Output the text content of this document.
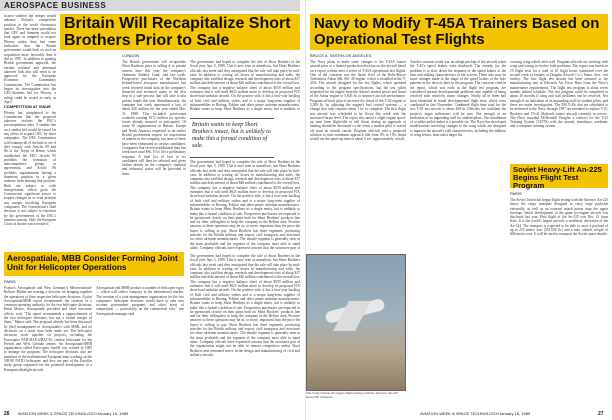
AEROSPACE BUSINESS

ticized whether the merger would enhance Britain's competitive position in the world electronics market. There has been speculation that GEC and Siemens would not look again or tempted to acquire Plessey unless they had some indication that the British government would look on such an acquisition more favorably than it did in 1987. In addition to gaining British government approval, the various national and perennial takeover bids also will need to be approved by the European Economic Community Commission. The Commission has begun its investigation into the GEC-Siemens bid for Plessey, a ruling could be issued as early as April.

COMPETITION AT ISSUE

Plessey has complained to the Commission that the proposed takeover violates the EEC's procompetition rules. A similar fine on a similar bid would be raised for any offers to acquire GEC by other companies. The EEC Commission will examine all of the bids to see if they comply with Articles 85 and 86 of the Treaty of Rome, which established the EEC. Article 85 prohibits the formation of anticompetitive groups or agreements, and Article 86 prohibits organizations having a dominant position in a given industry from abusing that position. Both are subject to wide interpretation, which gives the Commission significant power to require changes in or even prohibit any merger involving European companies. The Commission's final decision is not subject to rejection by the governments of the EEC's member nations. Only the European Court of Justice can overrule it.

Britain Will Recapitalize Short Brothers Prior to Sale
LONDON

The British government will recapitalize Short Brothers prior to selling it to private owners later this year, the company's chairman, Rodney Lund, said last week. Prospective purchasers of the Northern Ireland-based aerospace manufacturer last week received initial data on the company's financial and technical status as the first step in a sale process that will take it into private hands this year. Simultaneously, the company last week announced a loss of about $28 million for the year ended Mar. 31, 1988. This included provisional writeoffs totaling $172 million for specific losses already incurred or anticipated. Of some 30 organizations in Britain, Europe and North America requested to an earlier British government request for expressions of interest in the company, but none of these have been eliminated as serious candidates. Companies that received additional data last week have until Feb. 10 to file a preliminary response. A final list of four to six candidates will then be selected and given further details on the company's financial and industrial status will be provided to them.

Britain wants to keep Short Brothers intact, but is unlikely to make this a formal condition of sale.

The government had hoped to complete the sale of Short Brothers in the fiscal year, Apr. 5, 1989. This is now seen as unrealistic, but Short Brothers officials last week said they anticipated that the sale will take place by mid-year. In addition to writing off losses in manufacturing and sales, the company also said that design, research and development costs of about $17 million and debt interest of about $46 million contributed to the overall loss. The company has a negative balance sheet of about $559 million and estimates that it will need $925 million more to develop its proposed FJX short-haul turbofan aircraft. On the positive side, it has a four-year backlog of both civil and military orders and is a major long-term supplier of subassemblies to Boeing, Fokker and other prime airframe manufacturers. Britain wants to keep Short Brothers as a single entity, but is unlikely to

The government had hoped to complete the sale of Short Brothers in the fiscal year, Apr. 5, 1989. This is now seen as unrealistic, but Short Brothers officials last week said they anticipated that the sale will take place by mid-year. In addition to writing off losses in manufacturing and sales, the company also said that design, research and development costs of about $17 million and debt interest of about $46 million contributed to the overall loss. The company has a negative balance sheet of about $559 million and estimates that it will need $925 million more to develop its proposed FJX short-haul turbofan aircraft. On the positive side, it has a four-year backlog of both civil and military orders and is a major long-term supplier of subassemblies to Boeing, Fokker and other prime airframe manufacturers. Britain wants to keep Short Brothers as a single entity, but is unlikely to make this a formal condition of sale. Prospective purchasers are expected to be questioned closely on their plans both for Short Brothers' products line and for their willingness to keep the company in the Belfast area. Positive answers to these questions may be as, or more, important than the price the buyer is willing to pay. Short Brothers has three segments, producing missiles for the British military and export, civil transports and structures for other airframe manufacturers. The missile segment is generally seen as the most profitable and the segment of the company most able to stand alone. Company officials have expressed concern that the structures part of

Aerospatiale, MBB Consider Forming Joint Unit for Helicopter Operations
PARIS

France's Aerospatiale and West Germany's Messerschmitt-Bolkow-Blohm are nearing a decision on bringing together the operations of their respective helicopter divisions. A joint Aerospatiale/MBB report recommends the creation of a common operating authority for the two helicopter divisions, Henri Martre, Aerospatiale president and chief executive officer, said. "The report recommends a rapprochement of the two helicopter divisions, but not a formal merger of them," Martre said. The proposal already has been discussed by [the] management of Aerospatiale's with MBB, and no decisions on a study have been made yet. The helicopter divisions work together on projects, including the Eurocopter PAH-HAP-2/HAC3G combat helicopter for the French and West German armies. An Aerospatiale/MBB organization called Eurocopter GmbH was created in 1985 to manage the program. The helicopter divisions also are members of the multinational European team working on the NH-90 NATO helicopter, and they are part of the Euroflar study group organized for the potential development of a European ultralight aircraft.

Aerospatiale and MBB produce a number of helicopter types — which will collect company in the international market. The creation of a joint management organization for the two companies' helicopter divisions would have to take into account government programs and other areas of competition — particularly on the commercial side," one Aerospatiale manager said.

The government had hoped to complete the sale of Short Brothers in the fiscal year, Apr. 5, 1989. This is now seen as unrealistic, but Short Brothers officials last week said they anticipated that the sale will take place by mid-year. In addition to writing off losses in manufacturing and sales, the company also said that design, research and development costs of about $17 million and debt interest of about $46 million contributed to the overall loss. The company has a negative balance sheet of about $559 million and estimates that it will need $925 million more to develop its proposed FJX short-haul turbofan aircraft. On the positive side, it has a four-year backlog of both civil and military orders and is a major long-term supplier of subassemblies to Boeing, Fokker and other prime airframe manufacturers. Britain wants to keep Short Brothers as a single entity, but is unlikely to make this a formal condition of sale. Prospective purchasers are expected to be questioned closely on their plans both for Short Brothers' products line and for their willingness to keep the company in the Belfast area. Positive answers to these questions may be as, or more, important than the price the buyer is willing to pay. Short Brothers has three segments, producing missiles for the British military and export, civil transports and structures for other airframe manufacturers. The missile segment is generally seen as the most profitable and the segment of the company most able to stand alone. Company officials have expressed concern that the structures part of the organization might not be able to remain competitive unless Short Brothers also remained active in the design and manufacturing of civil and military aircraft.

Navy to Modify T-45A Trainers Based on Operational Test Flights
BRUCE A. SMITH/LOS ANGELES

The Navy plans to make some changes to the T-45A trainer aircraft prior to a limited production decision on the aircraft based on a report written after a series of T-45A operational test flights. One of the concerns was the thrust level of the Rolls-Royce Turbomeca Adour Mk. 861-49 engine, which is installed in the T-45A. The aircraft designed for the test flights, which operated according to the program specifications, but the test pilots requested for the engine from the Adour's normal power and thrust of the Adour engine to 5,845 lb. to improve aircraft performance. Program officials plan to increase the thrust of the T-45 engine to 5,500 lb. by adjusting the engine's fuel control systems — a change that only requires about 1 hr. to complete. The first flight test aircraft was scheduled to be flown this week with the increased thrust level. The report also noted a slight engine spool-up time from flight-idle to full thrust during an approach to landing should be decreased so the event a modest pilot is waved off from an aircraft carrier. Program officials said a proposed solution to raise minimum approach idle from 5% to 15% thrust would cut the spool-up time of about 6 sec. approximately in half.

Another concern noted was an abrupt pitchup of the aircraft when the T-45's speed brakes were deployed. The remedy for the problem is to slow down the response of the speed brakes or the trim and stalling characteristics in the system. There also may be some changes made to the shape of the speed brakes or the hole patterns in the devices later in the program. The concerns cited in the report, which was early in the flight test program, are considered normal developmental problems and capable of being resolved with relatively minor changes. Nearly all of them had been identified in initial developmental flight tests, which were conducted in late November. Combined flight time total for the two T-45 test aircraft is about 200 hr. Officials are confident the project's target milestones will be met. Not enough of an indication of an impending stall for student pilots. The installation of a rudder pedal shaker is a possible fix. The Navy has developed modifications involving changes to the wing which are designed to improve the aircraft's stall characteristics, including the addition of wing fences, slats and a larger fin.

crossing wing rolloff after stall. Program officials are working with wing and wiring to resolve both problems. The report was based on 10 flight tests for a total of 10 flight hours conducted over the second week of January at Douglas Aircraft Co.'s Yuma, Ariz., test facility. The first flight test aircraft has been returned to the manufacturing unit at Edwards Air Force Base from the Navy's maintenance requirements. The flight test program is about seven months behind schedule. The test program could be completed in about 30 months if wing and stall problems can be resolved. Not enough of an indication of an impending stall for student pilots, and these are under investigation. The 300 T-45s that are scheduled to be delivered to the Navy through 1997 are intended to replace T-2C Buckeye and TA-4J Skyhawk trainer aircraft currently in service. The Navy awarded McDonnell Douglas a contract for the T-45 Training System (T45TS) with the aircraft, simulators, academic and a computer training system.

Soviet Heavy-Lift An-225 Begins Flight Test Program
PARIS

The Soviet Union has begun flight testing with the Antonov An-225 heavy lift cargo transport designed to carry large payloads externally, as well as an external attack points atop the upper fuselage. Initial development of the giant six-engine aircraft was disclosed last year. First flight of the An-225 was Dec. 21 from Kiev. It is the world's largest aircraft, a widebody derivative of the An-124. The transport is expected to be able to carry a payload of up to 250 metric tons (551,000 lb.) and a max. takeoff weight of 600 metric tons. It will be used to transport the Soviet space shuttle.

The Soviet Union has begun flight testing with the Antonov An-225 heavy-lift transport.
26 AVIATION WEEK & SPACE TECHNOLOGY/January 16, 1989	AVIATION WEEK & SPACE TECHNOLOGY/January 16, 1989	27
